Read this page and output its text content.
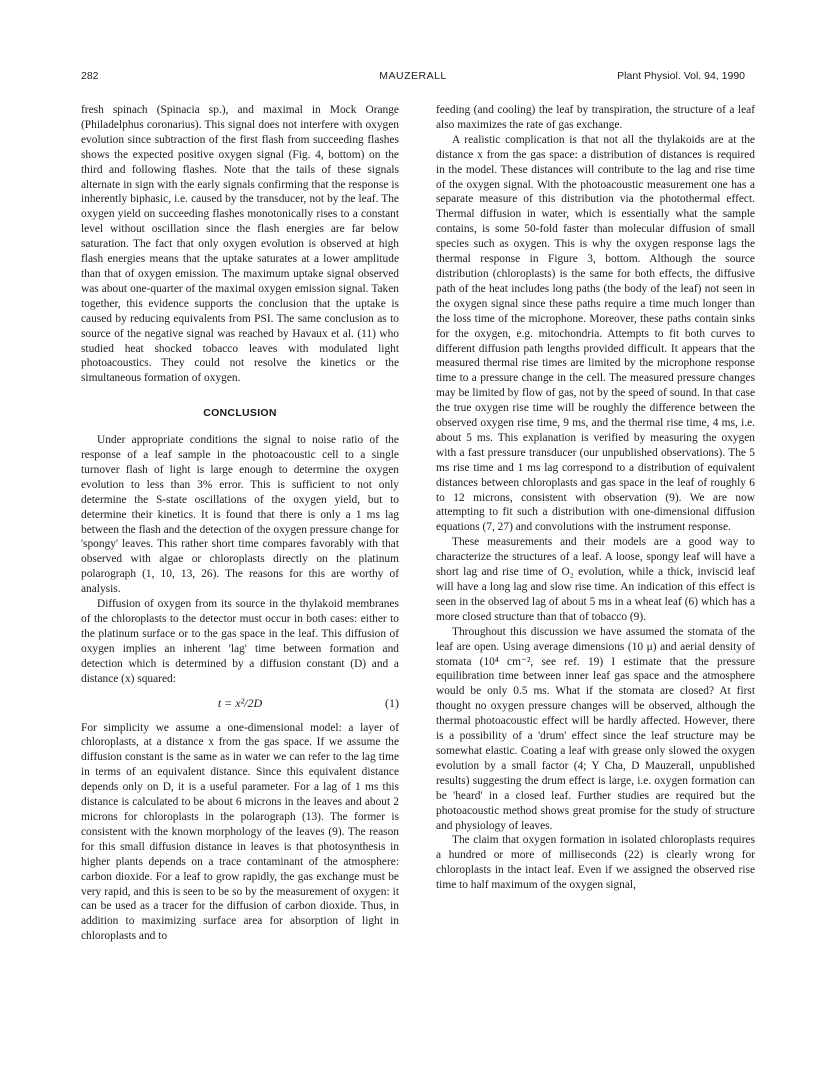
282	MAUZERALL	Plant Physiol. Vol. 94, 1990

fresh spinach (Spinacia sp.), and maximal in Mock Orange (Philadelphus coronarius). This signal does not interfere with oxygen evolution since subtraction of the first flash from succeeding flashes shows the expected positive oxygen signal (Fig. 4, bottom) on the third and following flashes. Note that the tails of these signals alternate in sign with the early signals confirming that the response is inherently biphasic, i.e. caused by the transducer, not by the leaf. The oxygen yield on succeeding flashes monotonically rises to a constant level without oscillation since the flash energies are far below saturation. The fact that only oxygen evolution is observed at high flash energies means that the uptake saturates at a lower amplitude than that of oxygen emission. The maximum uptake signal observed was about one-quarter of the maximal oxygen emission signal. Taken together, this evidence supports the conclusion that the uptake is caused by reducing equivalents from PSI. The same conclusion as to source of the negative signal was reached by Havaux et al. (11) who studied heat shocked tobacco leaves with modulated light photoacoustics. They could not resolve the kinetics or the simultaneous formation of oxygen.

CONCLUSION

Under appropriate conditions the signal to noise ratio of the response of a leaf sample in the photoacoustic cell to a single turnover flash of light is large enough to determine the oxygen evolution to less than 3% error. This is sufficient to not only determine the S-state oscillations of the oxygen yield, but to determine their kinetics. It is found that there is only a 1 ms lag between the flash and the detection of the oxygen pressure change for 'spongy' leaves. This rather short time compares favorably with that observed with algae or chloroplasts directly on the platinum polarograph (1, 10, 13, 26). The reasons for this are worthy of analysis.

Diffusion of oxygen from its source in the thylakoid membranes of the chloroplasts to the detector must occur in both cases: either to the platinum surface or to the gas space in the leaf. This diffusion of oxygen implies an inherent 'lag' time between formation and detection which is determined by a diffusion constant (D) and a distance (x) squared:

t = x²/2D	(1)

For simplicity we assume a one-dimensional model: a layer of chloroplasts, at a distance x from the gas space. If we assume the diffusion constant is the same as in water we can refer to the lag time in terms of an equivalent distance. Since this equivalent distance depends only on D, it is a useful parameter. For a lag of 1 ms this distance is calculated to be about 6 microns in the leaves and about 2 microns for chloroplasts in the polarograph (13). The former is consistent with the known morphology of the leaves (9). The reason for this small diffusion distance in leaves is that photosynthesis in higher plants depends on a trace contaminant of the atmosphere: carbon dioxide. For a leaf to grow rapidly, the gas exchange must be very rapid, and this is seen to be so by the measurement of oxygen: it can be used as a tracer for the diffusion of carbon dioxide. Thus, in addition to maximizing surface area for absorption of light in chloroplasts and to

feeding (and cooling) the leaf by transpiration, the structure of a leaf also maximizes the rate of gas exchange.

A realistic complication is that not all the thylakoids are at the distance x from the gas space: a distribution of distances is required in the model. These distances will contribute to the lag and rise time of the oxygen signal. With the photoacoustic measurement one has a separate measure of this distribution via the photothermal effect. Thermal diffusion in water, which is essentially what the sample contains, is some 50-fold faster than molecular diffusion of small species such as oxygen. This is why the oxygen response lags the thermal response in Figure 3, bottom. Although the source distribution (chloroplasts) is the same for both effects, the diffusive path of the heat includes long paths (the body of the leaf) not seen in the oxygen signal since these paths require a time much longer than the loss time of the microphone. Moreover, these paths contain sinks for the oxygen, e.g. mitochondria. Attempts to fit both curves to different diffusion path lengths provided difficult. It appears that the measured thermal rise times are limited by the microphone response time to a pressure change in the cell. The measured pressure changes may be limited by flow of gas, not by the speed of sound. In that case the true oxygen rise time will be roughly the difference between the observed oxygen rise time, 9 ms, and the thermal rise time, 4 ms, i.e. about 5 ms. This explanation is verified by measuring the oxygen with a fast pressure transducer (our unpublished observations). The 5 ms rise time and 1 ms lag correspond to a distribution of equivalent distances between chloroplasts and gas space in the leaf of roughly 6 to 12 microns, consistent with observation (9). We are now attempting to fit such a distribution with one-dimensional diffusion equations (7, 27) and convolutions with the instrument response.

These measurements and their models are a good way to characterize the structures of a leaf. A loose, spongy leaf will have a short lag and rise time of O₂ evolution, while a thick, inviscid leaf will have a long lag and slow rise time. An indication of this effect is seen in the observed lag of about 5 ms in a wheat leaf (6) which has a more closed structure than that of tobacco (9).

Throughout this discussion we have assumed the stomata of the leaf are open. Using average dimensions (10 μ) and aerial density of stomata (10⁴ cm⁻², see ref. 19) I estimate that the pressure equilibration time between inner leaf gas space and the atmosphere would be only 0.5 ms. What if the stomata are closed? At first thought no oxygen pressure changes will be observed, although the thermal photoacoustic effect will be hardly affected. However, there is a possibility of a 'drum' effect since the leaf structure may be somewhat elastic. Coating a leaf with grease only slowed the oxygen evolution by a small factor (4; Y Cha, D Mauzerall, unpublished results) suggesting the drum effect is large, i.e. oxygen formation can be 'heard' in a closed leaf. Further studies are required but the photoacoustic method shows great promise for the study of structure and physiology of leaves.

The claim that oxygen formation in isolated chloroplasts requires a hundred or more of milliseconds (22) is clearly wrong for chloroplasts in the intact leaf. Even if we assigned the observed rise time to half maximum of the oxygen signal,
